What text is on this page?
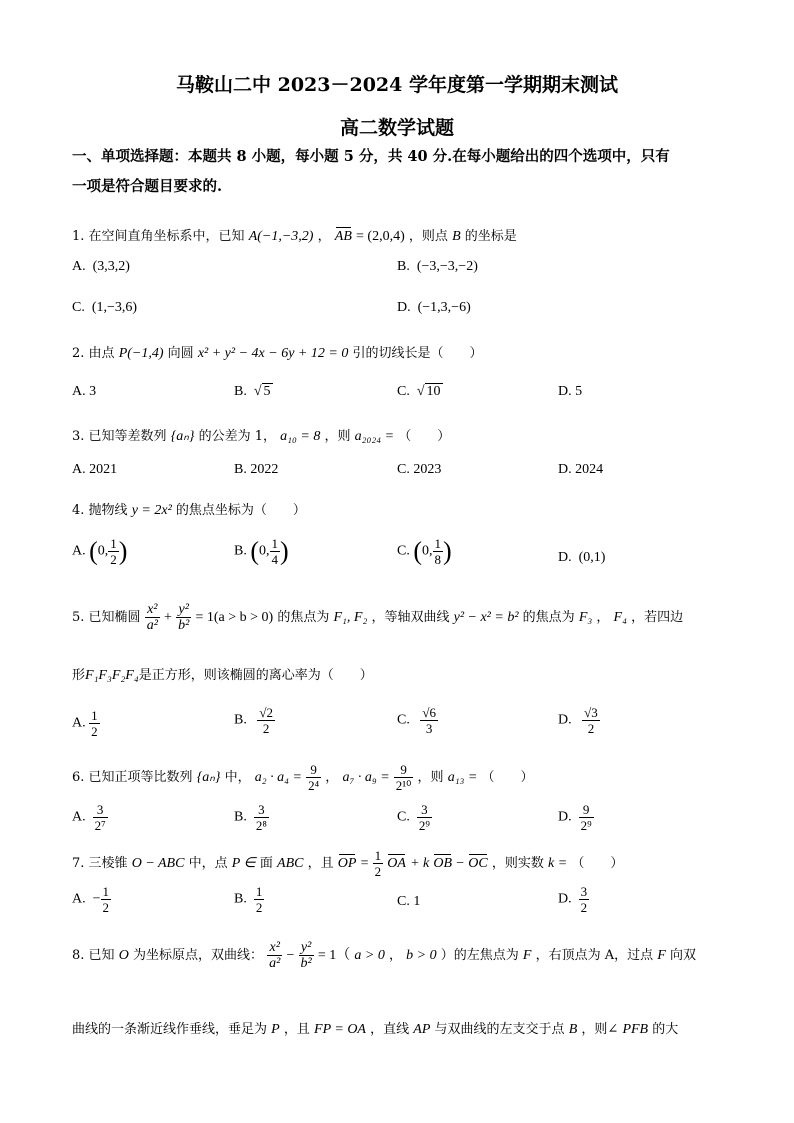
马鞍山二中 2023－2024 学年度第一学期期末测试
高二数学试题
一、单项选择题：本题共 8 小题，每小题 5 分，共 40 分.在每小题给出的四个选项中，只有
一项是符合题目要求的.
1. 在空间直角坐标系中，已知 A(−1,−3,2) ， AB = (2,0,4) ，则点 B 的坐标是
A. (3,3,2)	B. (−3,−3,−2)
C. (1,−3,6)	D. (−1,3,−6)
2. 由点 P(−1,4) 向圆 x² + y² − 4x − 6y + 12 = 0 引的切线长是（　　）
A. 3	B. √ 5	C. √ 10	D. 5
3. 已知等差数列 {aₙ} 的公差为 1， a₁₀ = 8 ，则 a₂₀₂₄ = （　　）
A. 2021	B. 2022	C. 2023	D. 2024
4. 抛物线 y = 2x² 的焦点坐标为（　　）
A. (0, $\frac{1}{2}$ )	B. (0, $\frac{1}{4}$ )	C. (0, $\frac{1}{8}$ )	D. (0,1)
5. 已知椭圆 $\frac{\text{x²}}{\text{a²}} + \frac{\text{y²}}{\text{b²}} = 1(a > b > 0)$ 的焦点为 F₁, F₂ ，等轴双曲线 y² − x² = b² 的焦点为 F₃ ， F₄ ，若四边
形F₁F₃F₂F₄是正方形，则该椭圆的离心率为（　　）
A. $\frac{1}{2}$	B. $\frac{√2}{2}$	C. $\frac{√6}{3}$	D. $\frac{√3}{2}$
6. 已知正项等比数列 {aₙ} 中， $a_2 \cdot a_4 = \frac{9}{\text{2⁴}}$ ， $a_7 \cdot a_9 = \frac{9}{\text{2¹⁰}}$ ，则 a₁₃ = （　　）
A. $\frac{3}{\text{2⁷}}$	B. $\frac{3}{\text{2⁸}}$	C. $\frac{3}{\text{2⁹}}$	D. $\frac{9}{\text{2⁹}}$
7. 三棱锥 O − ABC 中，点 P ∈ 面 ABC ，且 OP = $\frac{1}{2}$ OA + k OB − OC ，则实数 k = （　　）
A. − $\frac{1}{2}$	B. $\frac{1}{2}$	C. 1	D. $\frac{3}{2}$
8. 已知 O 为坐标原点，双曲线： $\frac{\text{x²}}{\text{a²}} - \frac{\text{y²}}{\text{b²}} = 1$（ a > 0 ， b > 0 ）的左焦点为 F ，右顶点为 A，过点 F 向双
曲线的一条渐近线作垂线，垂足为 P ，且 FP = OA ，直线 AP 与双曲线的左支交于点 B ，则∠ PFB 的大
